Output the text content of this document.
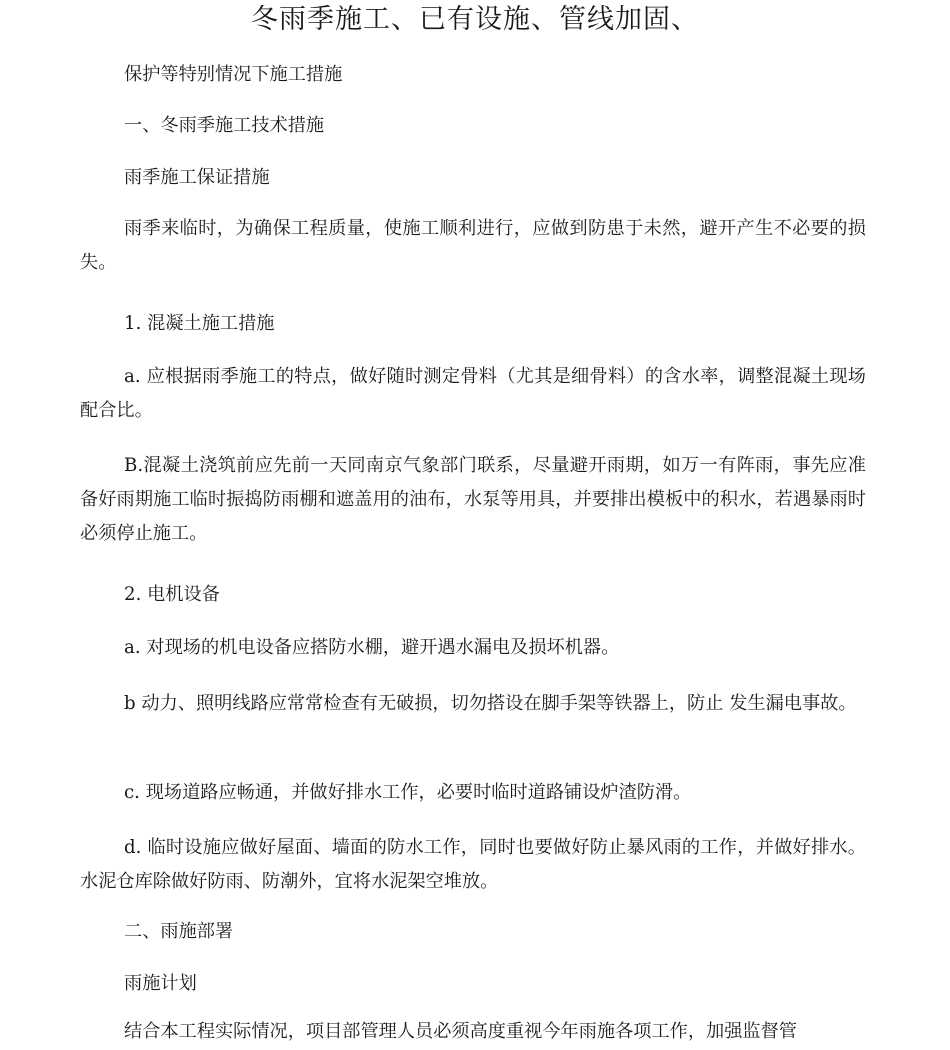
冬雨季施工、已有设施、管线加固、

保护等特别情况下施工措施

一、冬雨季施工技术措施

雨季施工保证措施

雨季来临时，为确保工程质量，使施工顺利进行，应做到防患于未然，避开产生不必要的损失。

1. 混凝土施工措施

a. 应根据雨季施工的特点，做好随时测定骨料（尤其是细骨料）的含水率，调整混凝土现场配合比。

B.混凝土浇筑前应先前一天同南京气象部门联系，尽量避开雨期，如万一有阵雨，事先应准备好雨期施工临时振捣防雨棚和遮盖用的油布，水泵等用具，并要排出模板中的积水，若遇暴雨时必须停止施工。

2. 电机设备

a. 对现场的机电设备应搭防水棚，避开遇水漏电及损坏机器。

b 动力、照明线路应常常检查有无破损，切勿搭设在脚手架等铁器上，防止 发生漏电事故。

c. 现场道路应畅通，并做好排水工作，必要时临时道路铺设炉渣防滑。

d. 临时设施应做好屋面、墙面的防水工作，同时也要做好防止暴风雨的工作，并做好排水。水泥仓库除做好防雨、防潮外，宜将水泥架空堆放。

二、雨施部署

雨施计划

结合本工程实际情况，项目部管理人员必须高度重视今年雨施各项工作，加强监督管
